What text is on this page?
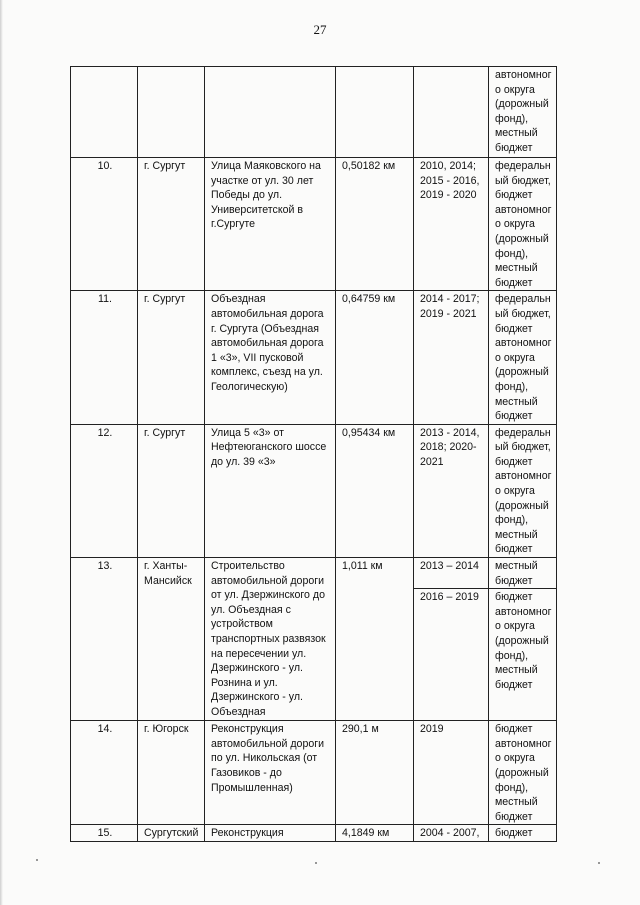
27
					автономного округа (дорожный фонд), местный бюджет
10.	г. Сургут	Улица Маяковского на участке от ул. 30 лет Победы до ул. Университетской в г.Сургуте	0,50182 км	2010, 2014; 2015 - 2016, 2019 - 2020	федеральный бюджет, бюджет автономного округа (дорожный фонд), местный бюджет
11.	г. Сургут	Объездная автомобильная дорога г. Сургута (Объездная автомобильная дорога 1 «3», VII пусковой комплекс, съезд на ул. Геологическую)	0,64759 км	2014 - 2017; 2019 - 2021	федеральный бюджет, бюджет автономного округа (дорожный фонд), местный бюджет
12.	г. Сургут	Улица 5 «3» от Нефтеюганского шоссе до ул. 39 «3»	0,95434 км	2013 - 2014, 2018; 2020-2021	федеральный бюджет, бюджет автономного округа (дорожный фонд), местный бюджет
13.	г. Ханты-Мансийск	Строительство автомобильной дороги от ул. Дзержинского до ул. Объездная с устройством транспортных развязок на пересечении ул. Дзержинского - ул. Рознина и ул. Дзержинского - ул. Объездная	1,011 км	2013 – 2014	местный бюджет
				2016 – 2019	бюджет автономного округа (дорожный фонд), местный бюджет
14.	г. Югорск	Реконструкция автомобильной дороги по ул. Никольская (от Газовиков - до Промышленная)	290,1 м	2019	бюджет автономного округа (дорожный фонд), местный бюджет
15.	Сургутский	Реконструкция	4,1849 км	2004 - 2007,	бюджет
